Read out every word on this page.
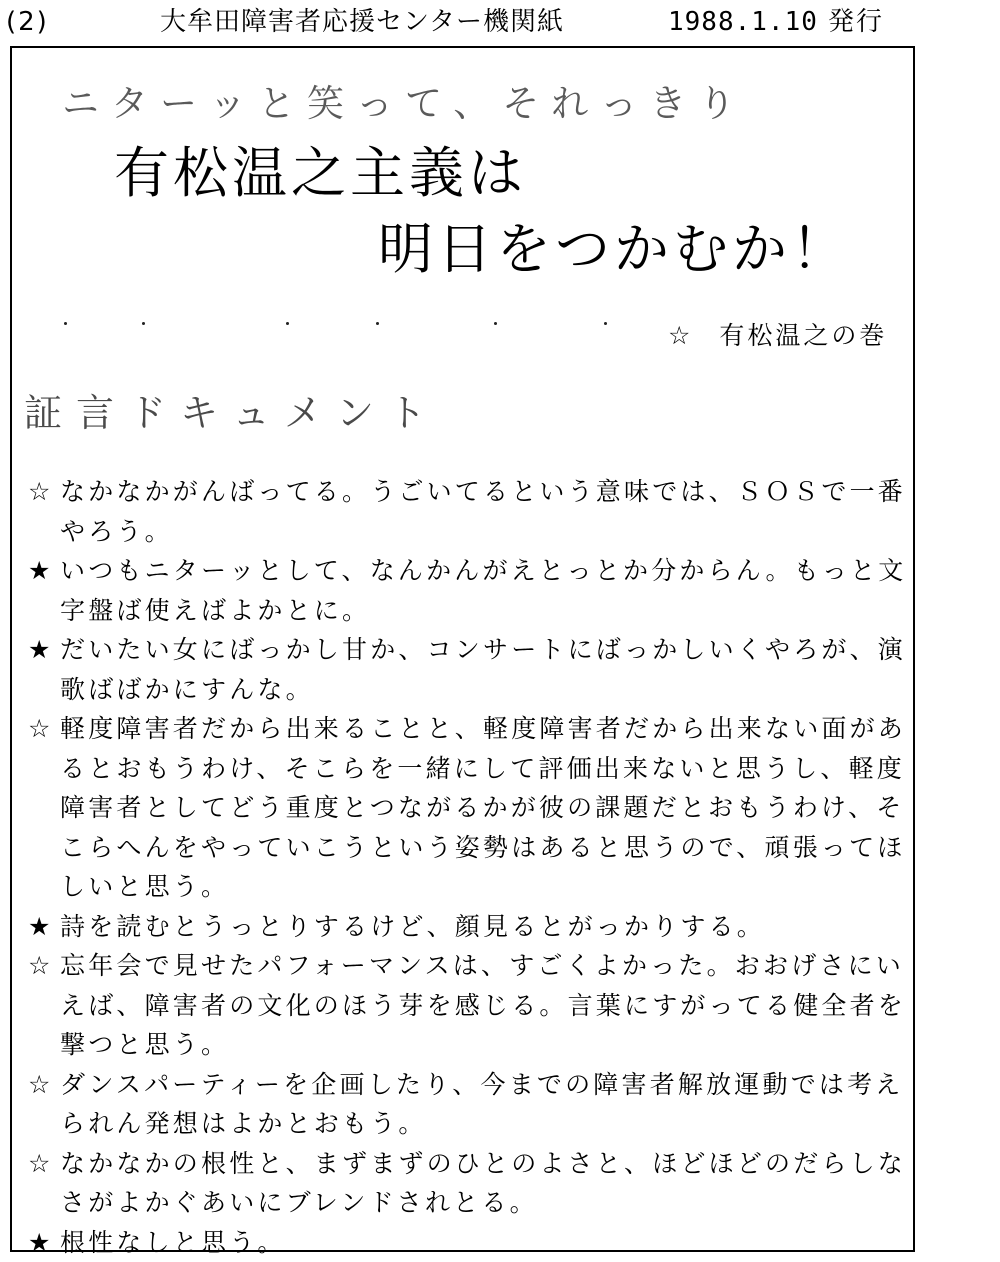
(2)	大牟田障害者応援センター機関紙	1988.1.10 発行
ニターッと笑って、それっきり
有松温之主義は
明日をつかむか！
☆ 有松温之の巻
証言ドキュメント
☆ なかなかがんばってる。うごいてるという意味では、ＳＯＳで一番やろう。
★ いつもニターッとして、なんかんがえとっとか分からん。もっと文字盤ば使えばよかとに。
★ だいたい女にばっかし甘か、コンサートにばっかしいくやろが、演歌ばばかにすんな。
☆ 軽度障害者だから出来ることと、軽度障害者だから出来ない面があるとおもうわけ、そこらを一緒にして評価出来ないと思うし、軽度障害者としてどう重度とつながるかが彼の課題だとおもうわけ、そこらへんをやっていこうという姿勢はあると思うので、頑張ってほしいと思う。
★ 詩を読むとうっとりするけど、顔見るとがっかりする。
☆ 忘年会で見せたパフォーマンスは、すごくよかった。おおげさにいえば、障害者の文化のほう芽を感じる。言葉にすがってる健全者を撃つと思う。
☆ ダンスパーティーを企画したり、今までの障害者解放運動では考えられん発想はよかとおもう。
☆ なかなかの根性と、まずまずのひとのよさと、ほどほどのだらしなさがよかぐあいにブレンドされとる。
★ 根性なしと思う。
